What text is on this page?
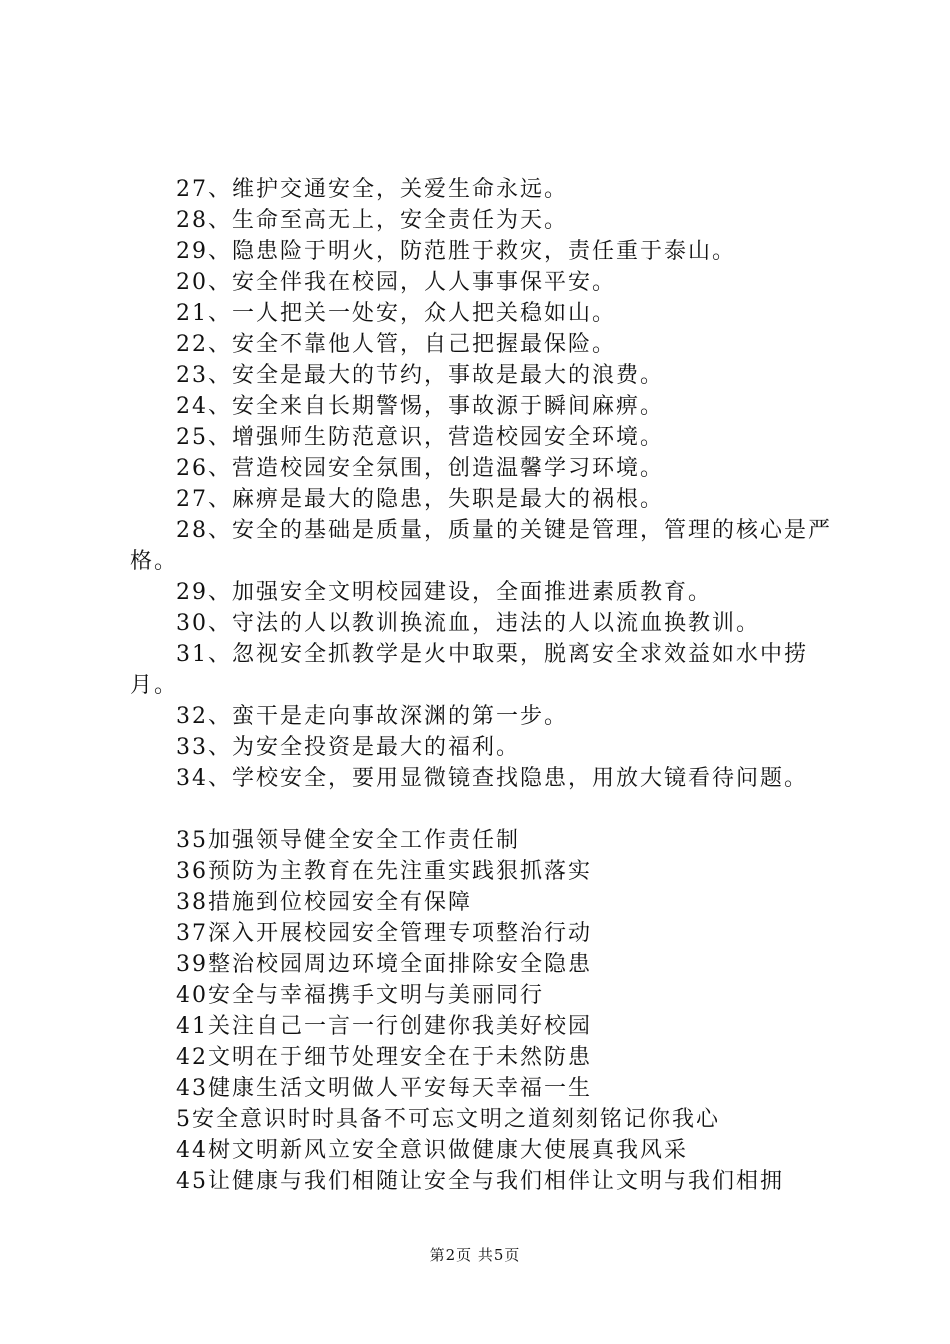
27、维护交通安全，关爱生命永远。
28、生命至高无上，安全责任为天。
29、隐患险于明火，防范胜于救灾，责任重于泰山。
20、安全伴我在校园，人人事事保平安。
21、一人把关一处安，众人把关稳如山。
22、安全不靠他人管，自己把握最保险。
23、安全是最大的节约，事故是最大的浪费。
24、安全来自长期警惕，事故源于瞬间麻痹。
25、增强师生防范意识，营造校园安全环境。
26、营造校园安全氛围，创造温馨学习环境。
27、麻痹是最大的隐患，失职是最大的祸根。
28、安全的基础是质量，质量的关键是管理，管理的核心是严格。
29、加强安全文明校园建设，全面推进素质教育。
30、守法的人以教训换流血，违法的人以流血换教训。
31、忽视安全抓教学是火中取栗，脱离安全求效益如水中捞月。
32、蛮干是走向事故深渊的第一步。
33、为安全投资是最大的福利。
34、学校安全，要用显微镜查找隐患，用放大镜看待问题。
35加强领导健全安全工作责任制
36预防为主教育在先注重实践狠抓落实
38措施到位校园安全有保障
37深入开展校园安全管理专项整治行动
39整治校园周边环境全面排除安全隐患
40安全与幸福携手文明与美丽同行
41关注自己一言一行创建你我美好校园
42文明在于细节处理安全在于未然防患
43健康生活文明做人平安每天幸福一生
5安全意识时时具备不可忘文明之道刻刻铭记你我心
44树文明新风立安全意识做健康大使展真我风采
45让健康与我们相随让安全与我们相伴让文明与我们相拥
第2页 共5页
